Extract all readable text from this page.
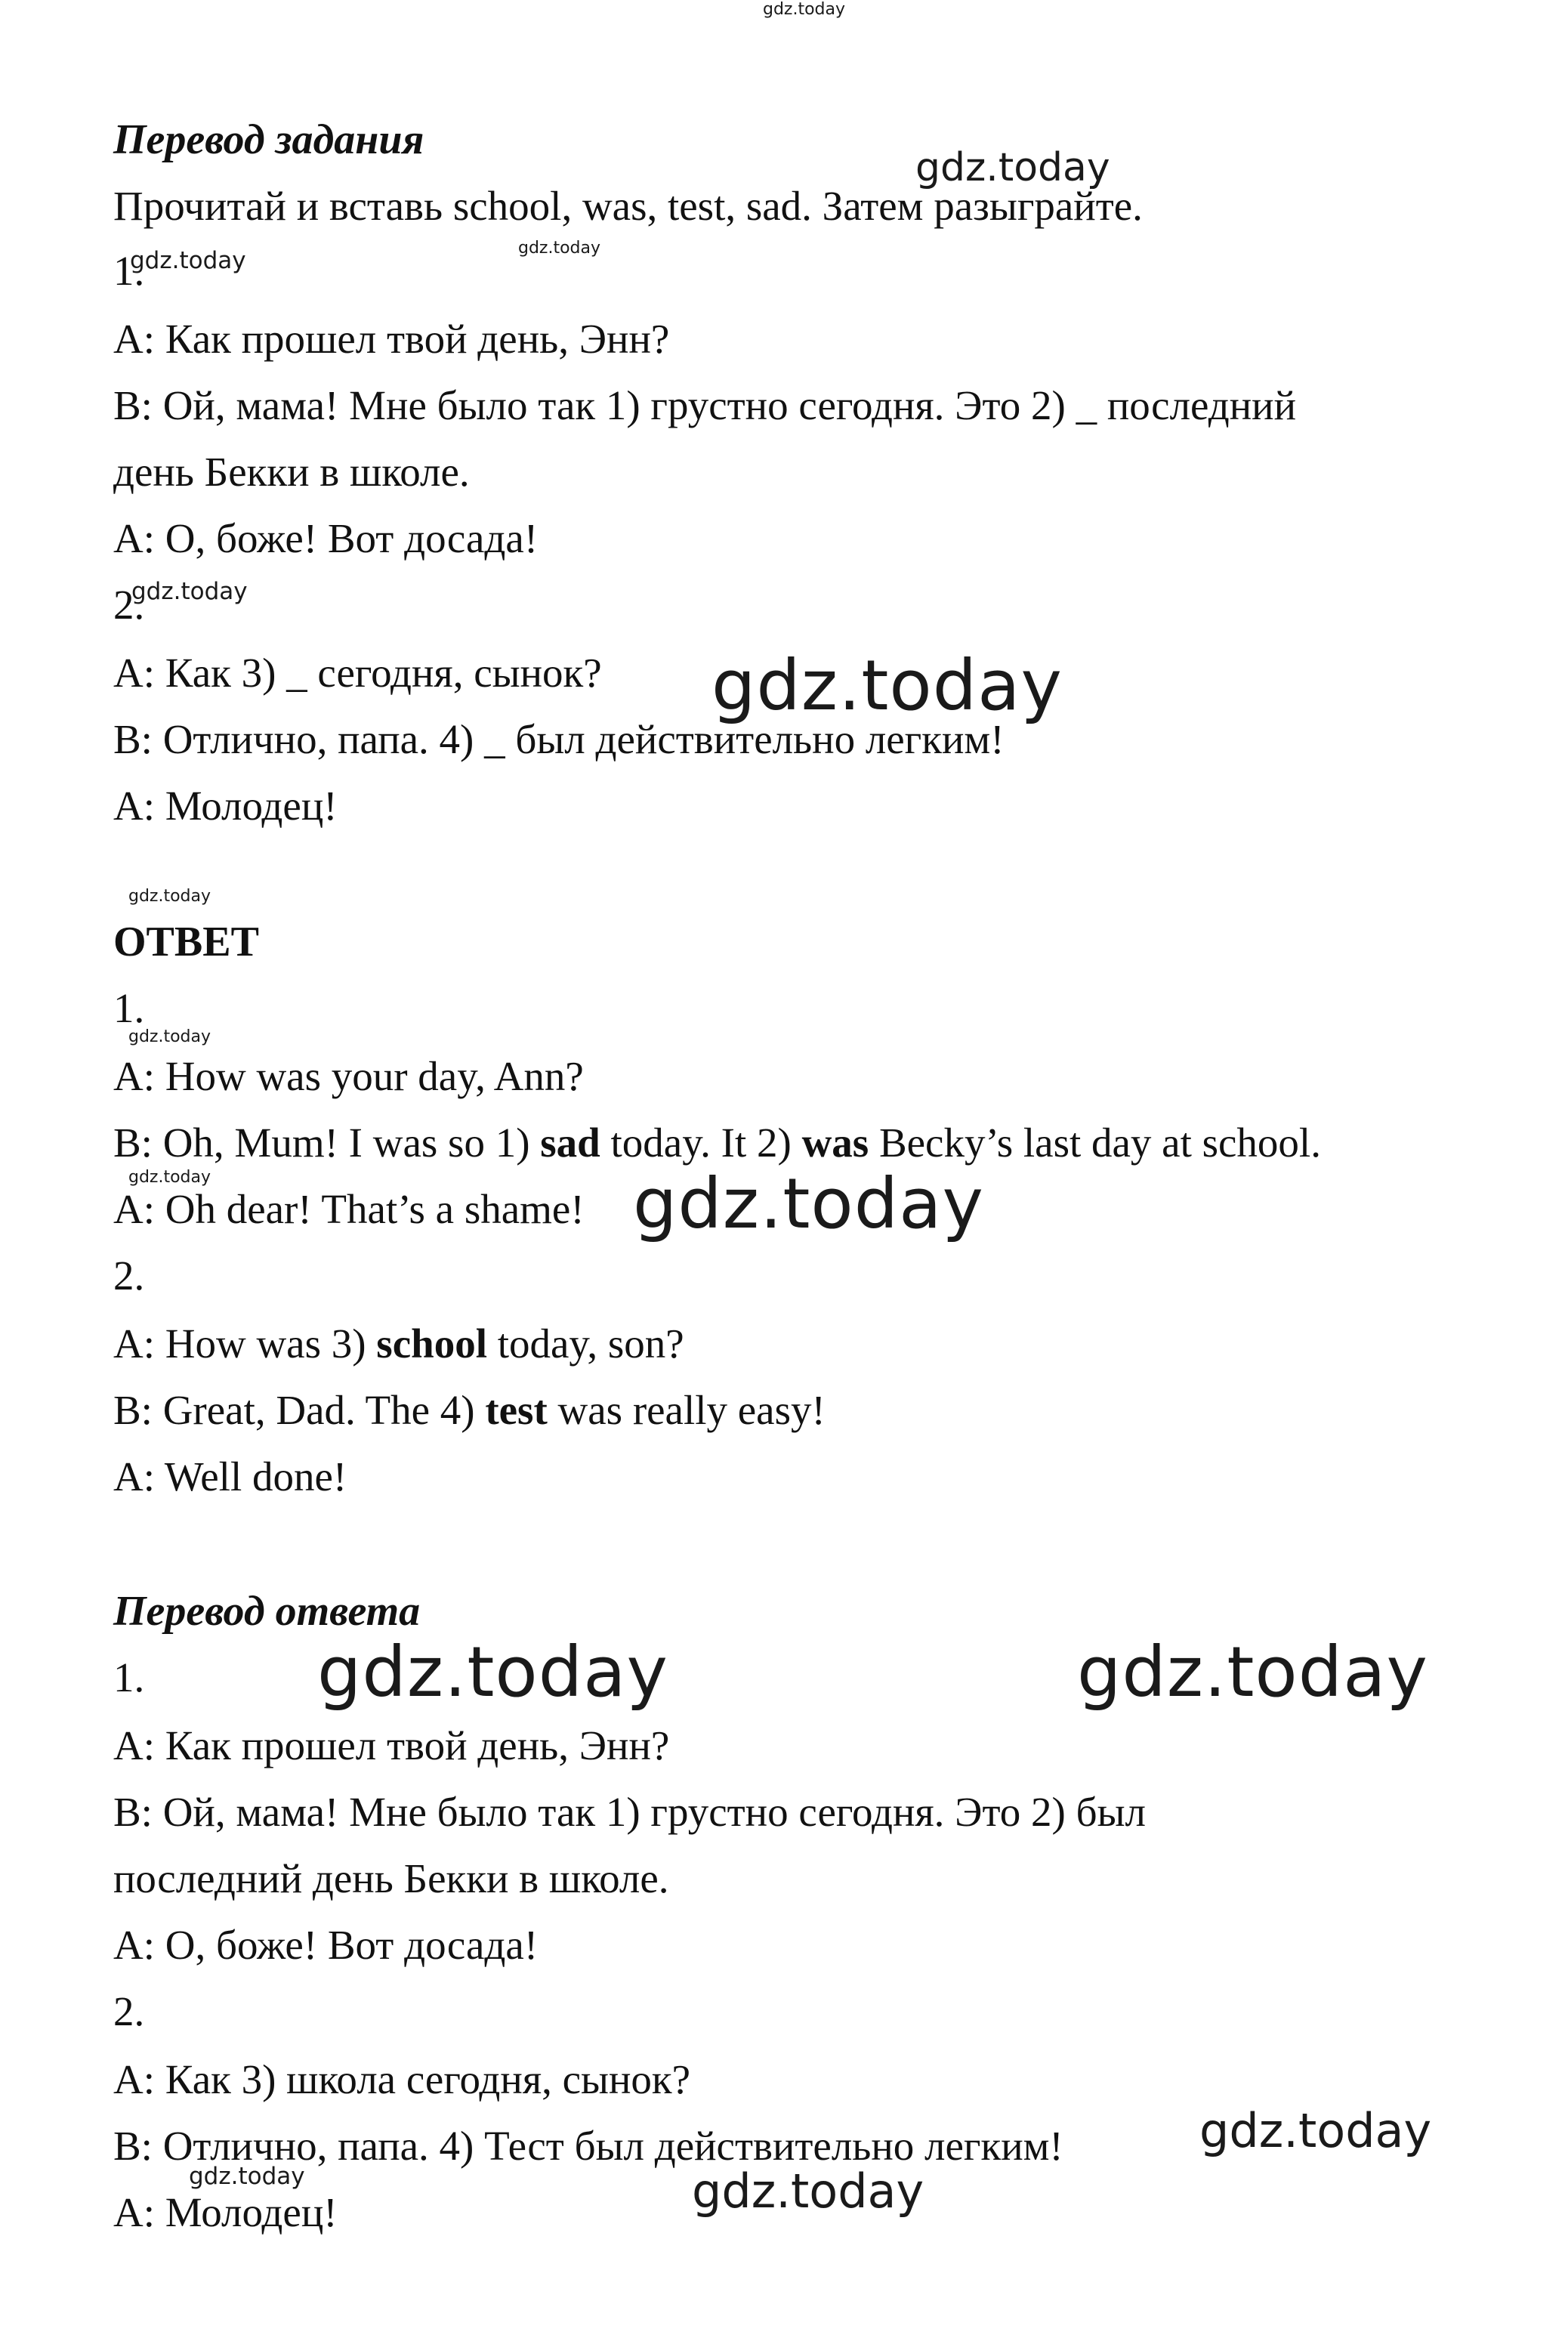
Перевод задания

Прочитай и вставь school, was, test, sad. Затем разыграйте.

1.

A: Как прошел твой день, Энн?

B: Ой, мама! Мне было так 1) грустно сегодня. Это 2) _ последний

день Бекки в школе.

A: О, боже! Вот досада!

2.

A: Как 3) _ сегодня, сынок?

B: Отлично, папа. 4) _ был действительно легким!

A: Молодец!

ОТВЕТ

1.

A: How was your day, Ann?

B: Oh, Mum! I was so 1) sad today. It 2) was Becky’s last day at school.

A: Oh dear! That’s a shame!

2.

A: How was 3) school today, son?

B: Great, Dad. The 4) test was really easy!

A: Well done!

Перевод ответа

1.

A: Как прошел твой день, Энн?

B: Ой, мама! Мне было так 1) грустно сегодня. Это 2) был

последний день Бекки в школе.

A: О, боже! Вот досада!

2.

A: Как 3) школа сегодня, сынок?

B: Отлично, папа. 4) Тест был действительно легким!

A: Молодец!

gdz.today
gdz.today
gdz.today
gdz.today
gdz.today
gdz.today
gdz.today
gdz.today
gdz.today	gdz.today
gdz.today	gdz.today
gdz.today
gdz.today	gdz.today
